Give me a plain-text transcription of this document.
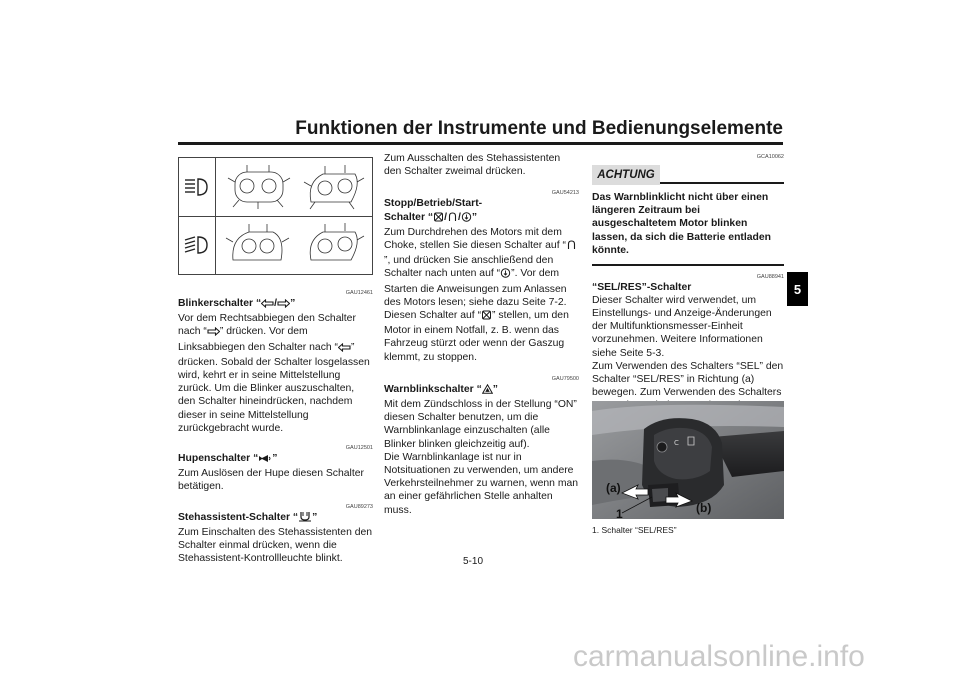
Funktionen der Instrumente und Bedienungselemente
5
GAU12461

Blinkerschalter “ / ”

Vor dem Rechtsabbiegen den Schalter nach “ ” drücken. Vor dem Linksabbiegen den Schalter nach “ ” drücken. Sobald der Schalter losgelassen wird, kehrt er in seine Mittelstellung zurück. Um die Blinker auszuschalten, den Schalter hineindrücken, nachdem dieser in seine Mittelstellung zurückgebracht wurde.

GAU12501

Hupenschalter “ ”

Zum Auslösen der Hupe diesen Schalter betätigen.

GAU89273

Stehassistent-Schalter “ ”

Zum Einschalten des Stehassistenten den Schalter einmal drücken, wenn die Stehassistent-Kontrollleuchte blinkt.

Zum Ausschalten des Stehassistenten den Schalter zweimal drücken.

GAU54213

Stopp/Betrieb/Start-
Schalter “ / / ”

Zum Durchdrehen des Motors mit dem Choke, stellen Sie diesen Schalter auf “”, und drücken Sie anschließend den Schalter nach unten auf “ ”. Vor dem Starten die Anweisungen zum Anlassen des Motors lesen; siehe dazu Seite 7-2. Diesen Schalter auf “ ” stellen, um den Motor in einem Notfall, z. B. wenn das Fahrzeug stürzt oder wenn der Gaszug klemmt, zu stoppen.

GAU79500

Warnblinkschalter “ ”

Mit dem Zündschloss in der Stellung “ON” diesen Schalter benutzen, um die Warnblinkanlage einzuschalten (alle Blinker blinken gleichzeitig auf).

Die Warnblinkanlage ist nur in Notsituationen zu verwenden, um andere Verkehrsteilnehmer zu warnen, wenn man an einer gefährlichen Stelle anhalten muss.

GCA10062
ACHTUNG

Das Warnblinklicht nicht über einen längeren Zeitraum bei ausgeschaltetem Motor blinken lassen, da sich die Batterie entladen könnte.

GAU88941

“SEL/RES”-Schalter

Dieser Schalter wird verwendet, um Einstellungs- und Anzeige-Änderungen der Multifunktionsmesser-Einheit vorzunehmen. Weitere Informationen siehe Seite 5-3.

Zum Verwenden des Schalters “SEL” den Schalter “SEL/RES” in Richtung (a) bewegen. Zum Verwenden des Schalters

C
(a)
(b)
1
1. Schalter “SEL/RES”
5-10
carmanualsonline.info
